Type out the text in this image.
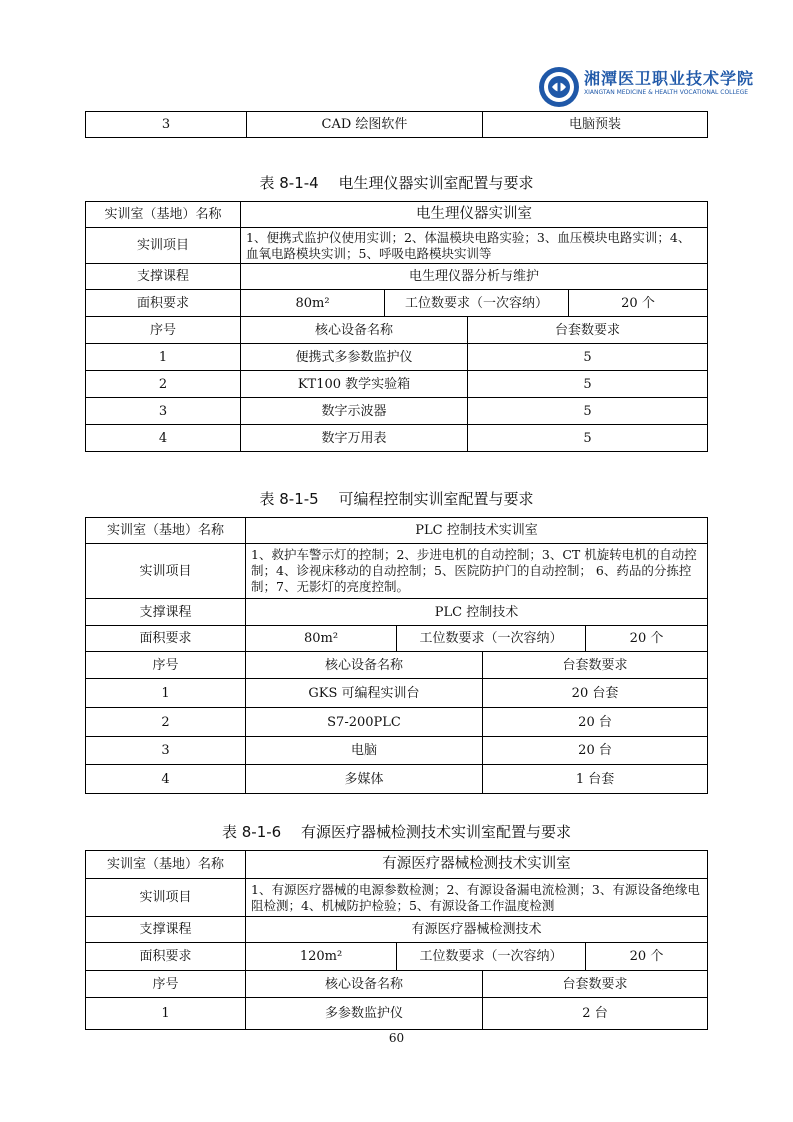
湘潭医卫职业技术学院
XIANGTAN MEDICINE & HEALTH VOCATIONAL COLLEGE
3	CAD 绘图软件	电脑预装
表 8-1-4　 电生理仪器实训室配置与要求
实训室（基地）名称	电生理仪器实训室			
实训项目	1、便携式监护仪使用实训；2、体温模块电路实验；3、血压模块电路实训；4、血氧电路模块实训；5、呼吸电路模块实训等			
支撑课程	电生理仪器分析与维护			
面积要求	80m²	工位数要求（一次容纳）		20 个
序号	核心设备名称		台套数要求	
1	便携式多参数监护仪		5	
2	KT100 教学实验箱		5	
3	数字示波器		5	
4	数字万用表		5	
表 8-1-5　 可编程控制实训室配置与要求
实训室（基地）名称	PLC 控制技术实训室			
实训项目	1、救护车警示灯的控制；2、步进电机的自动控制；3、CT 机旋转电机的自动控制；4、诊视床移动的自动控制；5、医院防护门的自动控制； 6、药品的分拣控制；7、无影灯的亮度控制。			
支撑课程	PLC 控制技术			
面积要求	80m²	工位数要求（一次容纳）		20 个
序号	核心设备名称		台套数要求	
1	GKS 可编程实训台		20 台套	
2	S7-200PLC		20 台	
3	电脑		20 台	
4	多媒体		1 台套	
表 8-1-6　 有源医疗器械检测技术实训室配置与要求
实训室（基地）名称	有源医疗器械检测技术实训室			
实训项目	1、有源医疗器械的电源参数检测；2、有源设备漏电流检测；3、有源设备绝缘电阻检测；4、机械防护检验；5、有源设备工作温度检测			
支撑课程	有源医疗器械检测技术			
面积要求	120m²	工位数要求（一次容纳）		20 个
序号	核心设备名称		台套数要求	
1	多参数监护仪		2 台	
60
